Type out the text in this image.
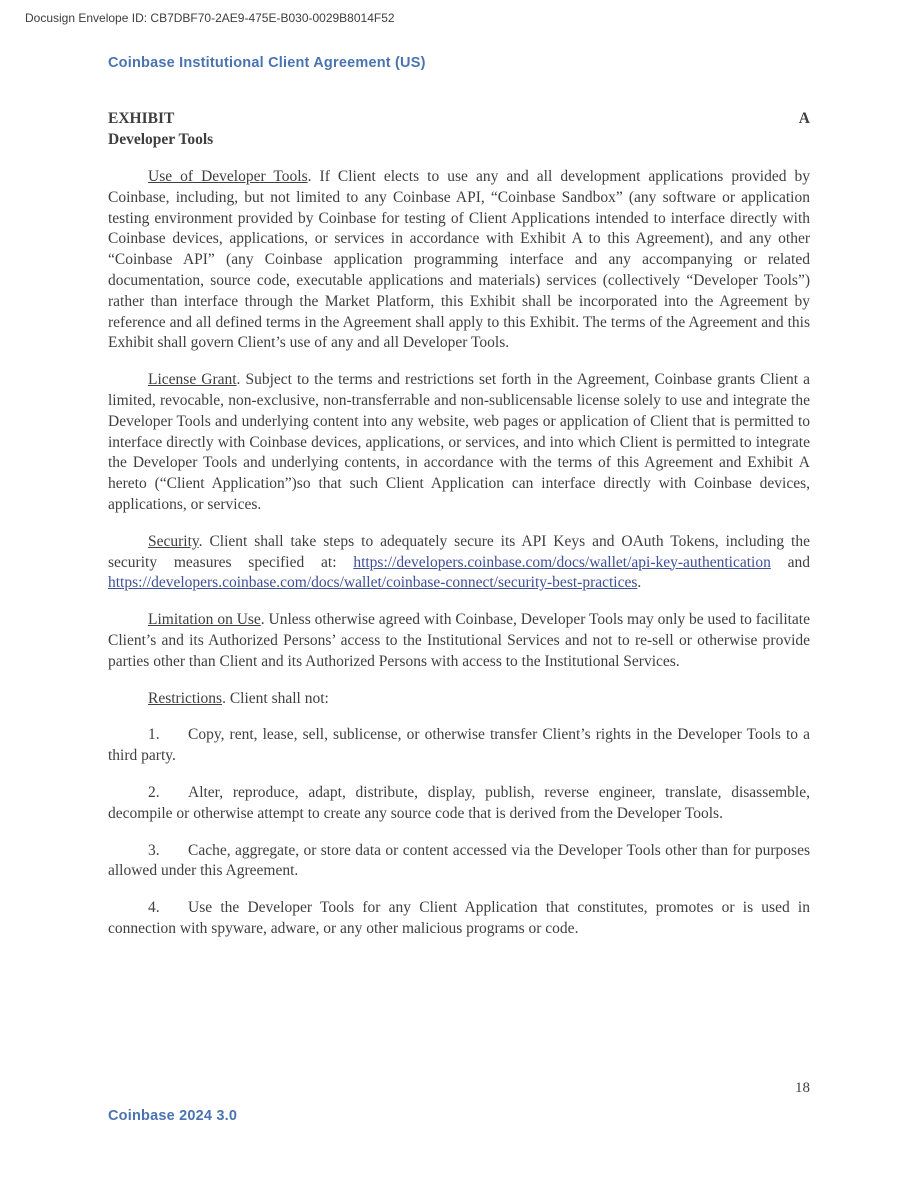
Docusign Envelope ID: CB7DBF70-2AE9-475E-B030-0029B8014F52
Coinbase Institutional Client Agreement (US)
EXHIBIT	A
Developer Tools
Use of Developer Tools. If Client elects to use any and all development applications provided by Coinbase, including, but not limited to any Coinbase API, “Coinbase Sandbox” (any software or application testing environment provided by Coinbase for testing of Client Applications intended to interface directly with Coinbase devices, applications, or services in accordance with Exhibit A to this Agreement), and any other “Coinbase API” (any Coinbase application programming interface and any accompanying or related documentation, source code, executable applications and materials) services (collectively “Developer Tools”) rather than interface through the Market Platform, this Exhibit shall be incorporated into the Agreement by reference and all defined terms in the Agreement shall apply to this Exhibit. The terms of the Agreement and this Exhibit shall govern Client’s use of any and all Developer Tools.
License Grant. Subject to the terms and restrictions set forth in the Agreement, Coinbase grants Client a limited, revocable, non-exclusive, non-transferrable and non-sublicensable license solely to use and integrate the Developer Tools and underlying content into any website, web pages or application of Client that is permitted to interface directly with Coinbase devices, applications, or services, and into which Client is permitted to integrate the Developer Tools and underlying contents, in accordance with the terms of this Agreement and Exhibit A hereto (“Client Application”)so that such Client Application can interface directly with Coinbase devices, applications, or services.
Security. Client shall take steps to adequately secure its API Keys and OAuth Tokens, including the security measures specified at: https://developers.coinbase.com/docs/wallet/api-key-authentication and https://developers.coinbase.com/docs/wallet/coinbase-connect/security-best-practices.
Limitation on Use. Unless otherwise agreed with Coinbase, Developer Tools may only be used to facilitate Client’s and its Authorized Persons’ access to the Institutional Services and not to re-sell or otherwise provide parties other than Client and its Authorized Persons with access to the Institutional Services.
Restrictions. Client shall not:
1. Copy, rent, lease, sell, sublicense, or otherwise transfer Client’s rights in the Developer Tools to a third party.
2. Alter, reproduce, adapt, distribute, display, publish, reverse engineer, translate, disassemble, decompile or otherwise attempt to create any source code that is derived from the Developer Tools.
3. Cache, aggregate, or store data or content accessed via the Developer Tools other than for purposes allowed under this Agreement.
4. Use the Developer Tools for any Client Application that constitutes, promotes or is used in connection with spyware, adware, or any other malicious programs or code.
18
Coinbase 2024 3.0
